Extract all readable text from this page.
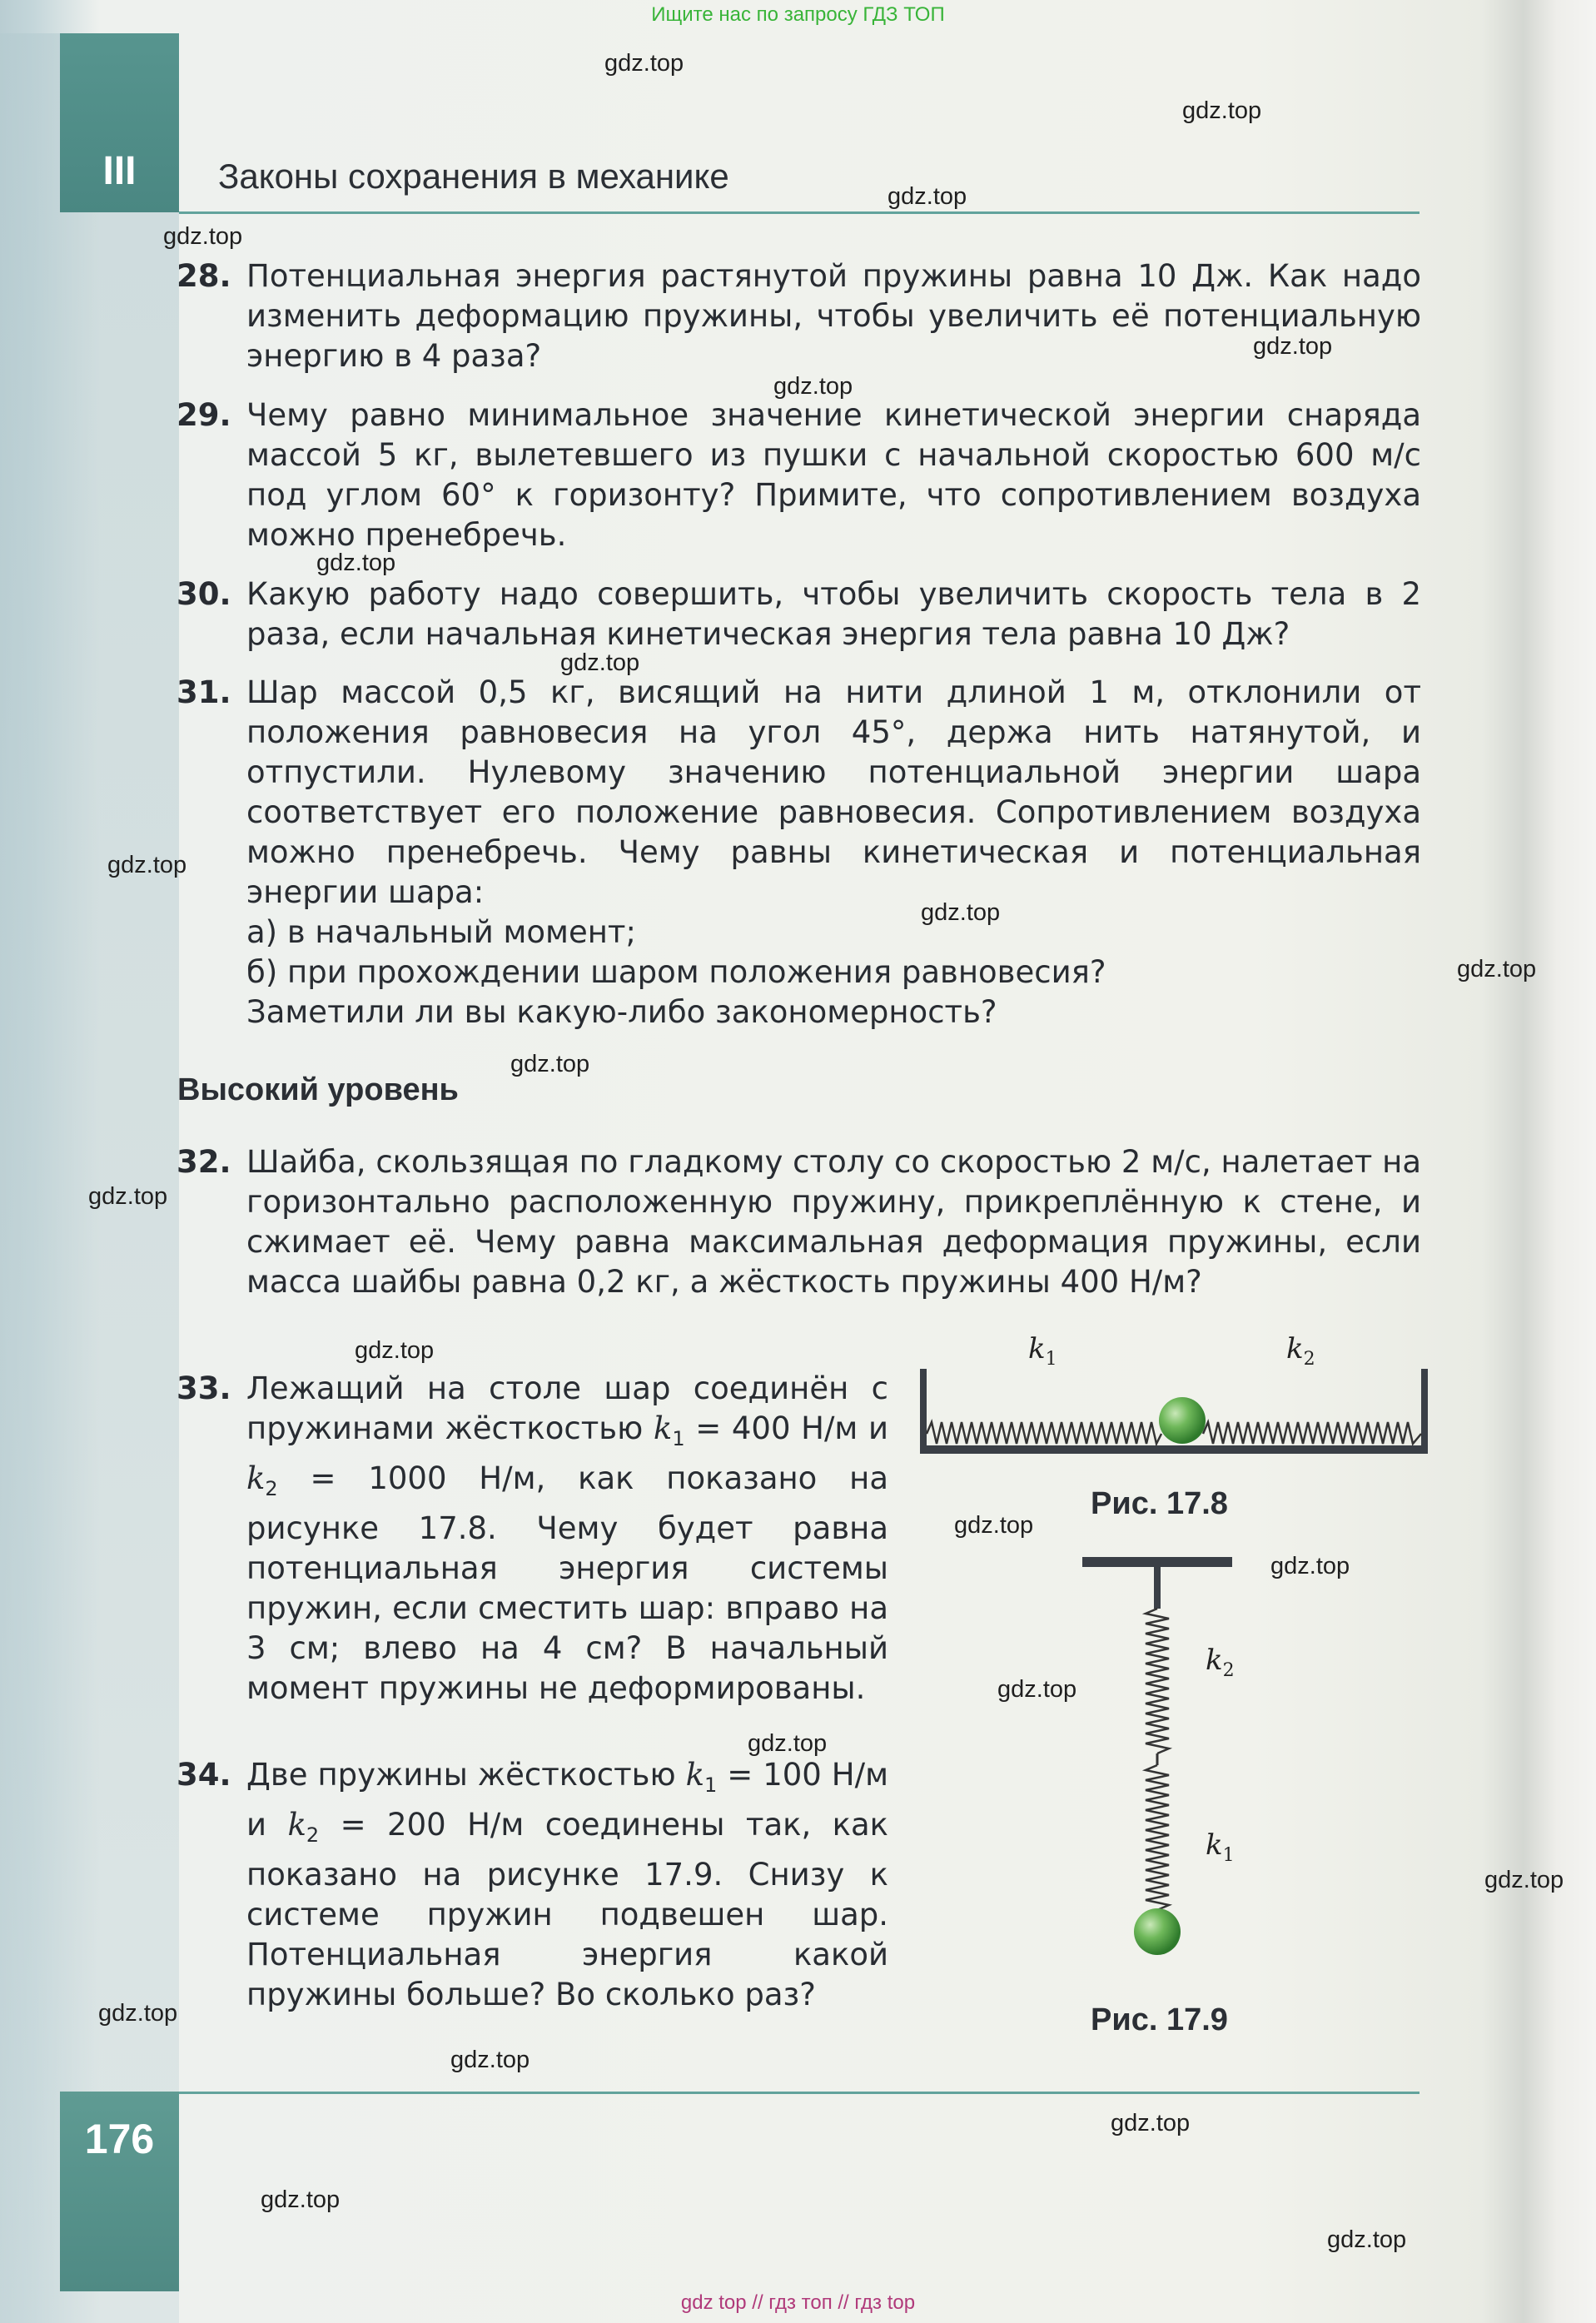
Ищите нас по запросу ГДЗ ТОП
III Законы сохранения в механике
28. Потенциальная энергия растянутой пружины равна 10 Дж. Как надо изменить деформацию пружины, чтобы увеличить её потенциальную энергию в 4 раза?
29. Чему равно минимальное значение кинетической энергии снаряда массой 5 кг, вылетевшего из пушки с начальной скоростью 600 м/с под углом 60° к горизонту? Примите, что сопротивлением воздуха можно пренебречь.
30. Какую работу надо совершить, чтобы увеличить скорость тела в 2 раза, если начальная кинетическая энергия тела равна 10 Дж?
31. Шар массой 0,5 кг, висящий на нити длиной 1 м, отклонили от положения равновесия на угол 45°, держа нить натянутой, и отпустили. Нулевому значению потенциальной энергии шара соответствует его положение равновесия. Сопротивлением воздуха можно пренебречь. Чему равны кинетическая и потенциальная энергии шара:
а) в начальный момент;
б) при прохождении шаром положения равновесия?
Заметили ли вы какую-либо закономерность?
Высокий уровень
32. Шайба, скользящая по гладкому столу со скоростью 2 м/с, налетает на горизонтально расположенную пружину, прикреплённую к стене, и сжимает её. Чему равна максимальная деформация пружины, если масса шайбы равна 0,2 кг, а жёсткость пружины 400 Н/м?
33. Лежащий на столе шар соединён с пружинами жёсткостью $k_1 = 400$ Н/м и $k_2 = 1000$ Н/м, как показано на рисунке 17.8. Чему будет равна потенциальная энергия системы пружин, если сместить шар: вправо на 3 см; влево на 4 см? В начальный момент пружины не деформированы.
34. Две пружины жёсткостью $k_1 = 100$ Н/м и $k_2 = 200$ Н/м соединены так, как показано на рисунке 17.9. Снизу к системе пружин подвешен шар. Потенциальная энергия какой пружины больше? Во сколько раз?
$k_1$	$k_2$
Рис. 17.8
$k_2$
$k_1$
Рис. 17.9
176
gdz.top
gdz.top
gdz.top
gdz.top
gdz.top
gdz.top
gdz.top
gdz.top
gdz.top
gdz.top
gdz.top
gdz.top
gdz.top
gdz.top
gdz.top
gdz.top
gdz.top
gdz.top
gdz.top
gdz.top
gdz.top
gdz.top
gdz.top
gdz.top
gdz top // гдз топ // гдз top
